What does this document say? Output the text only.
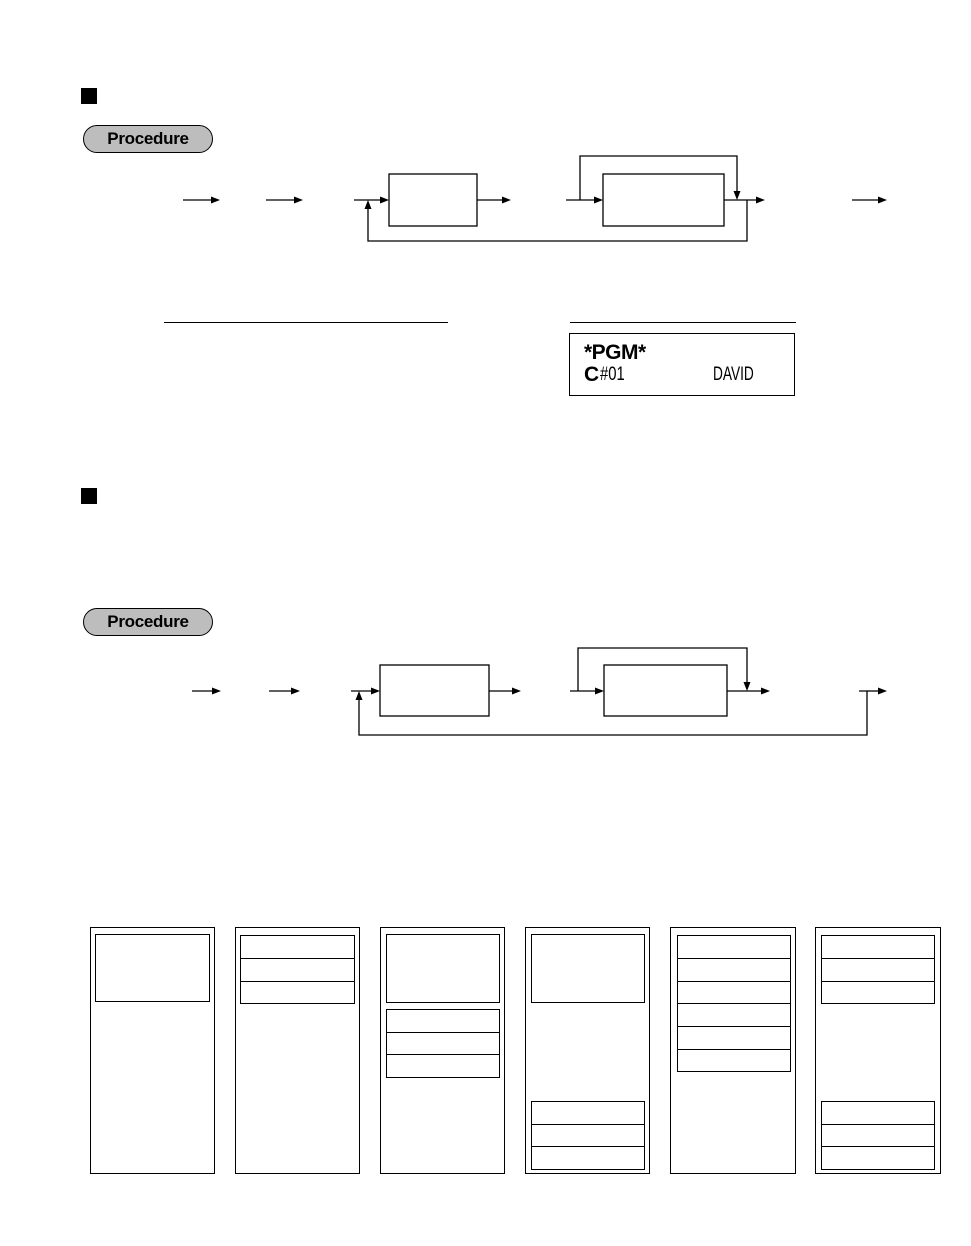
Procedure
*PGM*
C #01	DAVID
Procedure
